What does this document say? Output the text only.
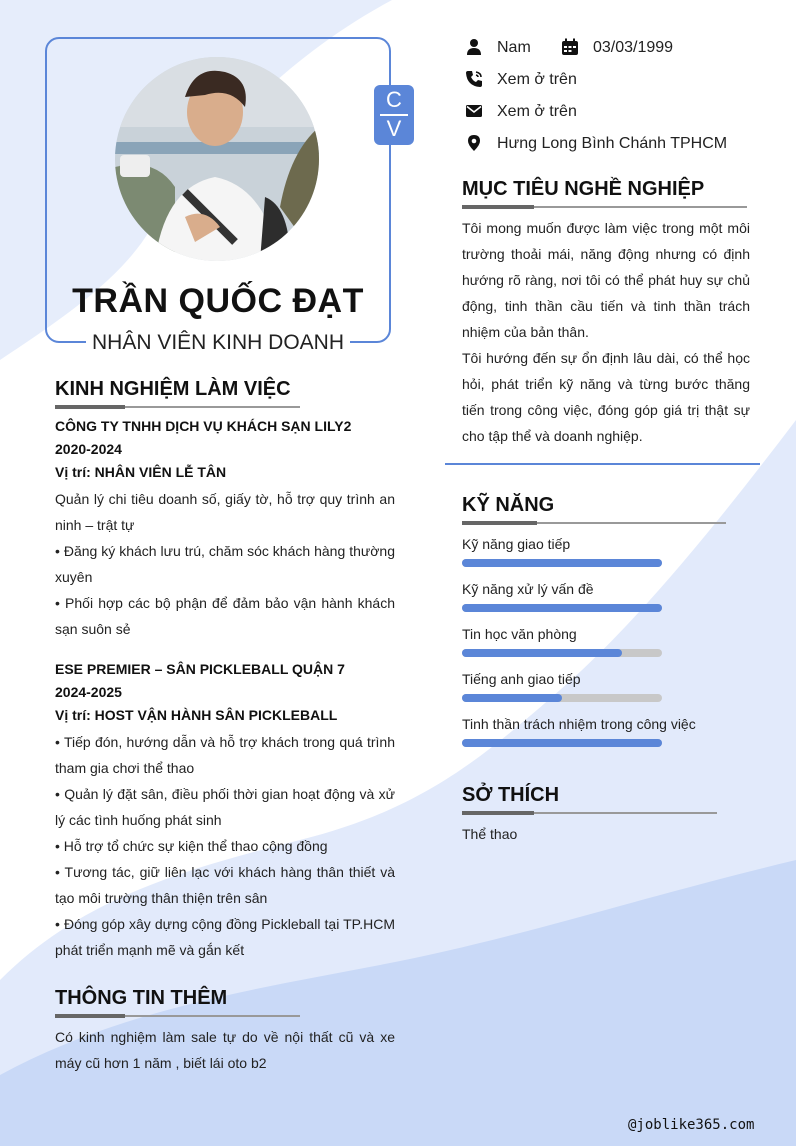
C
V
TRẦN QUỐC ĐẠT
NHÂN VIÊN KINH DOANH
Nam	03/03/1999
Xem ở trên
Xem ở trên
Hưng Long Bình Chánh TPHCM
MỤC TIÊU NGHỀ NGHIỆP

Tôi mong muốn được làm việc trong một môi trường thoải mái, năng động nhưng có định hướng rõ ràng, nơi tôi có thể phát huy sự chủ động, tinh thần cầu tiến và tinh thần trách nhiệm của bản thân.

Tôi hướng đến sự ổn định lâu dài, có thể học hỏi, phát triển kỹ năng và từng bước thăng tiến trong công việc, đóng góp giá trị thật sự cho tập thể và doanh nghiệp.

KINH NGHIỆM LÀM VIỆC
CÔNG TY TNHH DỊCH VỤ KHÁCH SẠN LILY2
2020-2024
Vị trí: NHÂN VIÊN LỄ TÂN

Quản lý chi tiêu doanh số, giấy tờ, hỗ trợ quy trình an ninh – trật tự

• Đăng ký khách lưu trú, chăm sóc khách hàng thường xuyên

• Phối hợp các bộ phận để đảm bảo vận hành khách sạn suôn sẻ

ESE PREMIER – SÂN PICKLEBALL QUẬN 7
2024-2025
Vị trí: HOST VẬN HÀNH SÂN PICKLEBALL

• Tiếp đón, hướng dẫn và hỗ trợ khách trong quá trình tham gia chơi thể thao

• Quản lý đặt sân, điều phối thời gian hoạt động và xử lý các tình huống phát sinh

• Hỗ trợ tổ chức sự kiện thể thao cộng đồng

• Tương tác, giữ liên lạc với khách hàng thân thiết và tạo môi trường thân thiện trên sân

• Đóng góp xây dựng cộng đồng Pickleball tại TP.HCM phát triển mạnh mẽ và gắn kết

THÔNG TIN THÊM
Có kinh nghiệm làm sale tự do về nội thất cũ và xe máy cũ hơn 1 năm , biết lái oto b2
KỸ NĂNG
Kỹ năng giao tiếp
Kỹ năng xử lý vấn đề
Tin học văn phòng
Tiếng anh giao tiếp
Tinh thần trách nhiệm trong công việc
SỞ THÍCH
Thể thao
@joblike365.com
